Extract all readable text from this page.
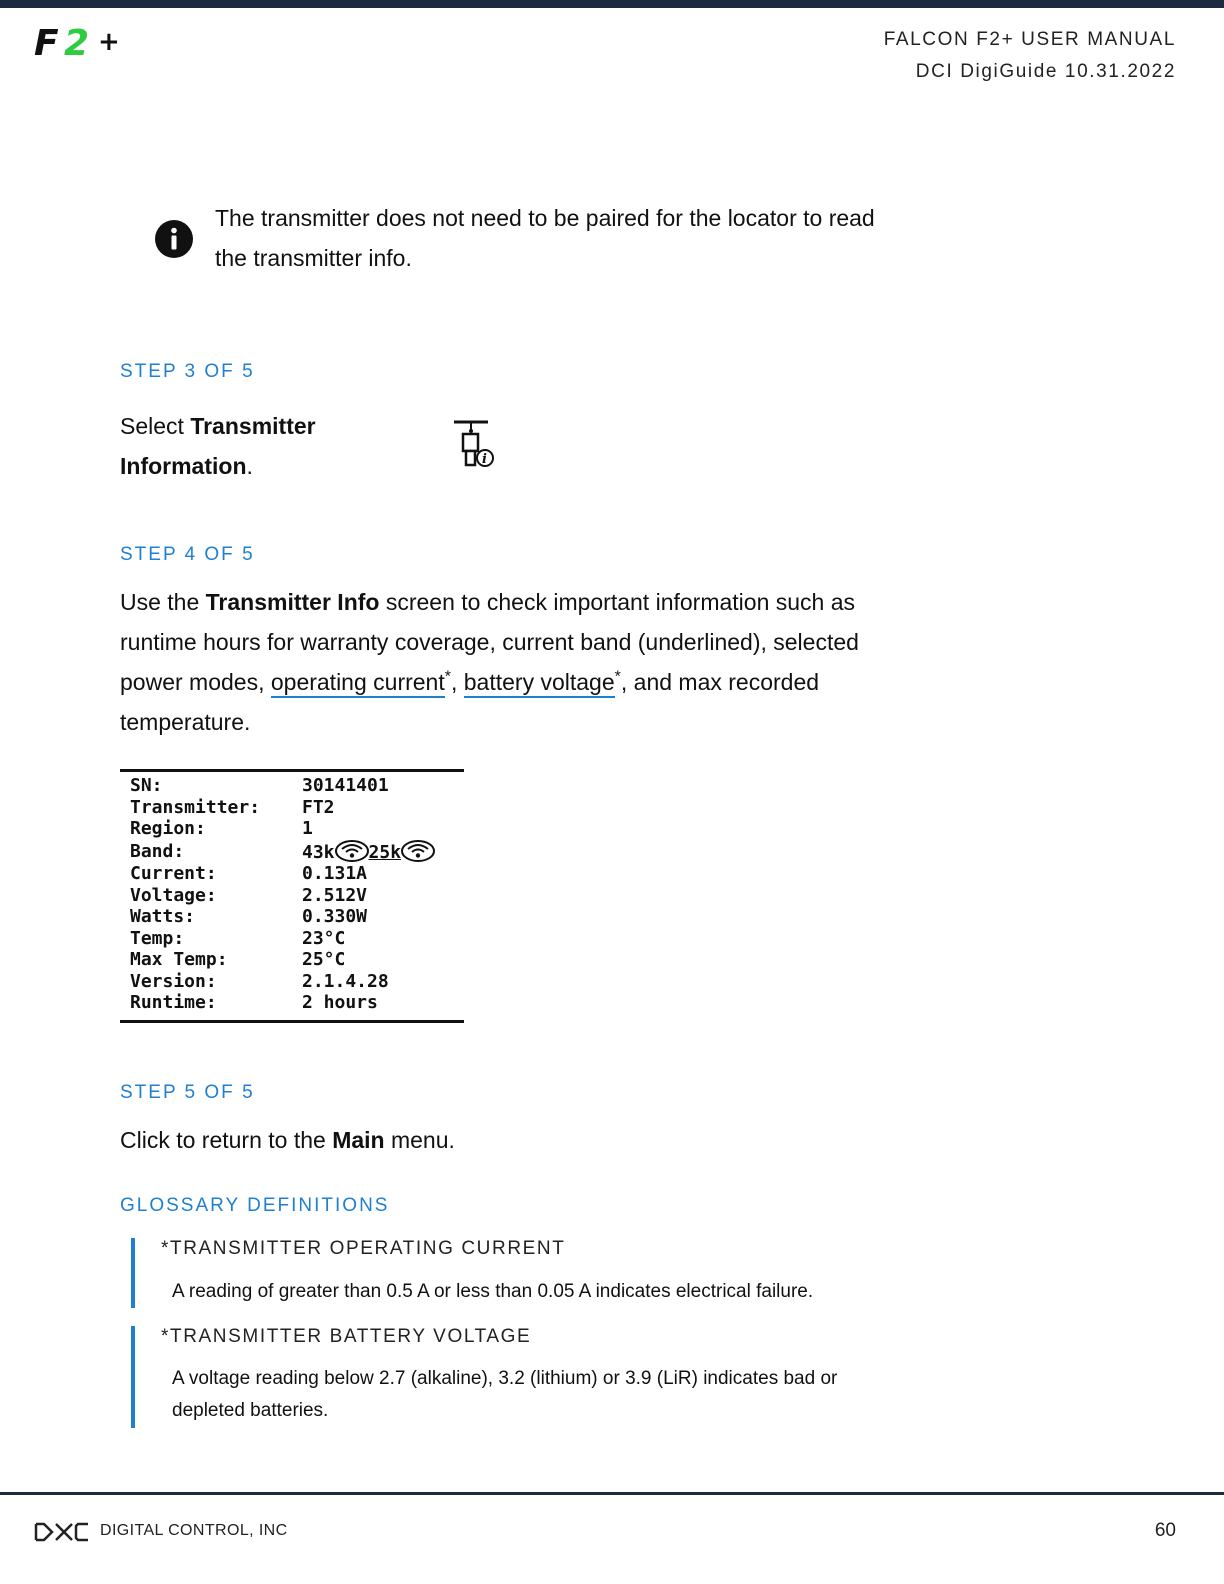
F 2 +	FALCON F2+ USER MANUAL
DCI DigiGuide 10.31.2022
The transmitter does not need to be paired for the locator to read the transmitter info.
STEP 3 OF 5
Select Transmitter Information.	i
STEP 4 OF 5
Use the Transmitter Info screen to check important information such as runtime hours for warranty coverage, current band (underlined), selected power modes, operating current*, battery voltage*, and max recorded temperature.
SN:	30141401
Transmitter:	FT2
Region:	1
Band:	43k 25k
Current:	0.131A
Voltage:	2.512V
Watts:	0.330W
Temp:	23°C
Max Temp:	25°C
Version:	2.1.4.28
Runtime:	2 hours
STEP 5 OF 5
Click to return to the Main menu.
GLOSSARY DEFINITIONS
*TRANSMITTER OPERATING CURRENT
A reading of greater than 0.5 A or less than 0.05 A indicates electrical failure.
*TRANSMITTER BATTERY VOLTAGE
A voltage reading below 2.7 (alkaline), 3.2 (lithium) or 3.9 (LiR) indicates bad or depleted batteries.
DIGITAL CONTROL, INC	60
